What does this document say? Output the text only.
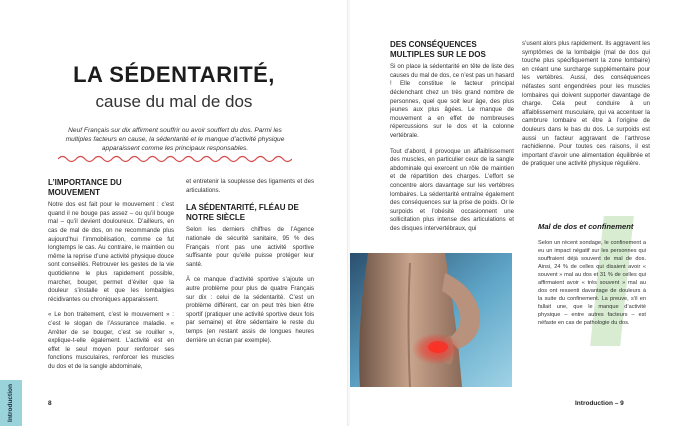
Introduction
LA SÉDENTARITÉ,
cause du mal de dos
Neuf Français sur dix affirment souffrir ou avoir souffert du dos. Parmi les multiples facteurs en cause, la sédentarité et le manque d’activité physique apparaissent comme les principaux responsables.
L’IMPORTANCE DU MOUVEMENT

Notre dos est fait pour le mouvement : c’est quand il ne bouge pas assez – ou qu’il bouge mal – qu’il devient douloureux. D’ailleurs, en cas de mal de dos, on ne recommande plus aujourd’hui l’immobilisation, comme ce fut longtemps le cas. Au contraire, le maintien ou même la reprise d’une activité physique douce sont conseillés. Retrouver les gestes de la vie quotidienne le plus rapidement possible, marcher, bouger, permet d’éviter que la douleur s’installe et que les lombalgies récidivantes ou chroniques apparaissent.

« Le bon traitement, c’est le mouvement » : c’est le slogan de l’Assurance maladie. « Arrêter de se bouger, c’est se rouiller », explique-t-elle également. L’activité est en effet le seul moyen pour renforcer ses fonctions musculaires, renforcer les muscles du dos et de la sangle abdominale,

et entretenir la souplesse des ligaments et des articulations.

LA SÉDENTARITÉ, FLÉAU DE NOTRE SIÈCLE

Selon les derniers chiffres de l’Agence nationale de sécurité sanitaire, 95 % des Français n’ont pas une activité sportive suffisante pour qu’elle puisse protéger leur santé.

À ce manque d’activité sportive s’ajoute un autre problème pour plus de quatre Français sur dix : celui de la sédentarité. C’est un problème différent, car on peut très bien être sportif (pratiquer une activité sportive deux fois par semaine) et être sédentaire le reste du temps (en restant assis de longues heures derrière un écran par exemple).

8
DES CONSÉQUENCES MULTIPLES SUR LE DOS

Si on place la sédentarité en tête de liste des causes du mal de dos, ce n’est pas un hasard ! Elle constitue le facteur principal déclenchant chez un très grand nombre de personnes, quel que soit leur âge, des plus jeunes aux plus âgées. Le manque de mouvement a en effet de nombreuses répercussions sur le dos et la colonne vertébrale.

Tout d’abord, il provoque un affaiblissement des muscles, en particulier ceux de la sangle abdominale qui exercent un rôle de maintien et de répartition des charges. L’effort se concentre alors davantage sur les vertèbres lombaires. La sédentarité entraîne également des conséquences sur la prise de poids. Or le surpoids et l’obésité occasionnent une sollicitation plus intense des articulations et des disques intervertébraux, qui

s’usent alors plus rapidement. Ils aggravent les symptômes de la lombalgie (mal de dos qui touche plus spécifiquement la zone lombaire) en créant une surcharge supplémentaire pour les vertèbres. Aussi, des conséquences néfastes sont engendrées pour les muscles lombaires qui doivent supporter davantage de charge. Cela peut conduire à un affaiblissement musculaire, qui va accentuer la cambrure lombaire et être à l’origine de douleurs dans le bas du dos. Le surpoids est aussi un facteur aggravant de l’arthrose rachidienne. Pour toutes ces raisons, il est important d’avoir une alimentation équilibrée et de pratiquer une activité physique régulière.

Mal de dos et confinement
Selon un récent sondage, le confinement a eu un impact négatif sur les personnes qui souffraient déjà souvent de mal de dos. Ainsi, 24 % de celles qui disaient avoir « souvent » mal au dos et 31 % de celles qui affirmaient avoir « très souvent » mal au dos ont ressenti davantage de douleurs à la suite du confinement. La preuve, s’il en fallait une, que le manque d’activité physique – entre autres facteurs – est néfaste en cas de pathologie du dos.
Introduction – 9
